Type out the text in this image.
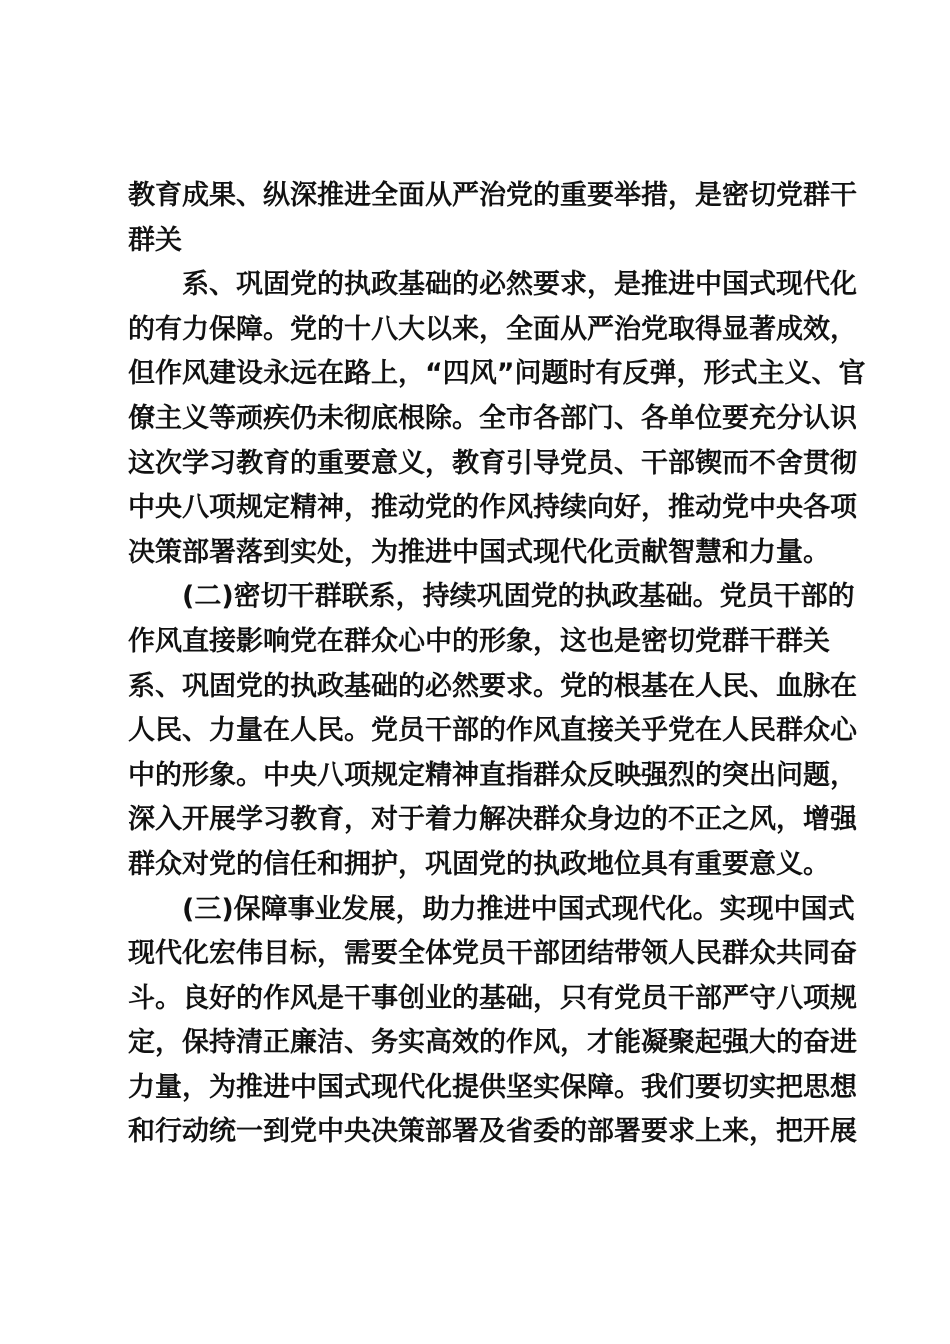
教育成果、纵深推进全面从严治党的重要举措，是密切党群干
群关
系、巩固党的执政基础的必然要求，是推进中国式现代化
的有力保障。党的十八大以来，全面从严治党取得显著成效，
但作风建设永远在路上，“四风”问题时有反弹，形式主义、官
僚主义等顽疾仍未彻底根除。全市各部门、各单位要充分认识
这次学习教育的重要意义，教育引导党员、干部锲而不舍贯彻
中央八项规定精神，推动党的作风持续向好，推动党中央各项
决策部署落到实处，为推进中国式现代化贡献智慧和力量。
(二)密切干群联系，持续巩固党的执政基础。党员干部的
作风直接影响党在群众心中的形象，这也是密切党群干群关
系、巩固党的执政基础的必然要求。党的根基在人民、血脉在
人民、力量在人民。党员干部的作风直接关乎党在人民群众心
中的形象。中央八项规定精神直指群众反映强烈的突出问题，
深入开展学习教育，对于着力解决群众身边的不正之风，增强
群众对党的信任和拥护，巩固党的执政地位具有重要意义。
(三)保障事业发展，助力推进中国式现代化。实现中国式
现代化宏伟目标，需要全体党员干部团结带领人民群众共同奋
斗。良好的作风是干事创业的基础，只有党员干部严守八项规
定，保持清正廉洁、务实高效的作风，才能凝聚起强大的奋进
力量，为推进中国式现代化提供坚实保障。我们要切实把思想
和行动统一到党中央决策部署及省委的部署要求上来，把开展
